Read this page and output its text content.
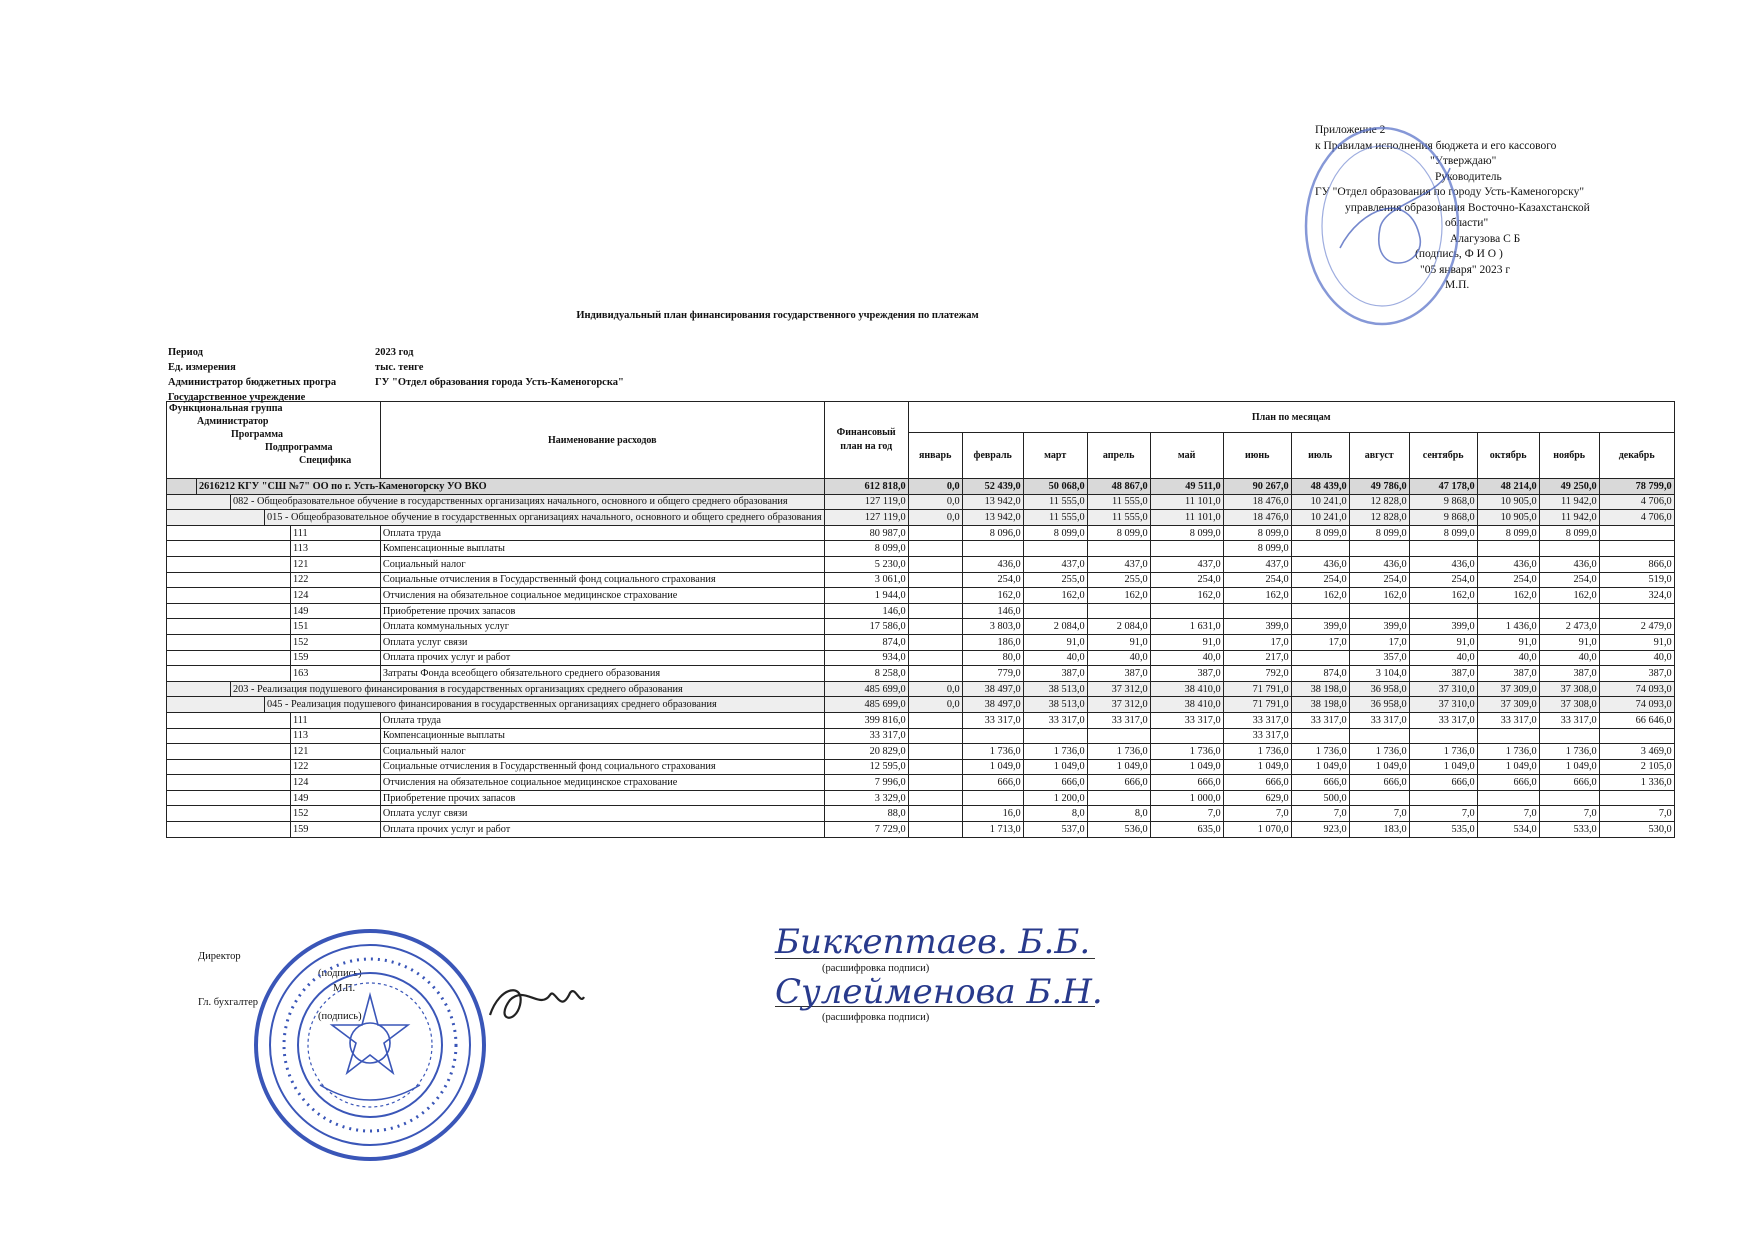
Приложение 2
к Правилам исполнения бюджета и его кассового
"Утверждаю"
Руководитель
ГУ "Отдел образования по городу Усть-Каменогорску"
управления образования Восточно-Казахстанской
области"
Алагузова С Б
(подпись, Ф И О )
"05 января" 2023 г
М.П.
Индивидуальный план финансирования государственного учреждения по платежам
Период	2023 год
Ед. измерения	тыс. тенге
Администратор бюджетных програ	ГУ "Отдел образования города Усть-Каменогорска"
Государственное учреждение
Функциональная группа
Администратор
Программа
Подпрограмма
Специфика					Наименование расходов	Финансовый план на год	План по месяцам											
							январь	февраль	март	апрель	май	июнь	июль	август	сентябрь	октябрь	ноябрь	декабрь
	2616212 КГУ "СШ №7" ОО по г. Усть-Каменогорску УО ВКО					612 818,0	0,0	52 439,0	50 068,0	48 867,0	49 511,0	90 267,0	48 439,0	49 786,0	47 178,0	48 214,0	49 250,0	78 799,0
		082 - Общеобразовательное обучение в государственных организациях начального, основного и общего среднего образования				127 119,0	0,0	13 942,0	11 555,0	11 555,0	11 101,0	18 476,0	10 241,0	12 828,0	9 868,0	10 905,0	11 942,0	4 706,0
			015 - Общеобразовательное обучение в государственных организациях начального, основного и общего среднего образования			127 119,0	0,0	13 942,0	11 555,0	11 555,0	11 101,0	18 476,0	10 241,0	12 828,0	9 868,0	10 905,0	11 942,0	4 706,0
				111	Оплата труда	80 987,0		8 096,0	8 099,0	8 099,0	8 099,0	8 099,0	8 099,0	8 099,0	8 099,0	8 099,0	8 099,0	
				113	Компенсационные выплаты	8 099,0						8 099,0						
				121	Социальный налог	5 230,0		436,0	437,0	437,0	437,0	437,0	436,0	436,0	436,0	436,0	436,0	866,0
				122	Социальные отчисления в Государственный фонд социального страхования	3 061,0		254,0	255,0	255,0	254,0	254,0	254,0	254,0	254,0	254,0	254,0	519,0
				124	Отчисления на обязательное социальное медицинское страхование	1 944,0		162,0	162,0	162,0	162,0	162,0	162,0	162,0	162,0	162,0	162,0	324,0
				149	Приобретение прочих запасов	146,0		146,0										
				151	Оплата коммунальных услуг	17 586,0		3 803,0	2 084,0	2 084,0	1 631,0	399,0	399,0	399,0	399,0	1 436,0	2 473,0	2 479,0
				152	Оплата услуг связи	874,0		186,0	91,0	91,0	91,0	17,0	17,0	17,0	91,0	91,0	91,0	91,0
				159	Оплата прочих услуг и работ	934,0		80,0	40,0	40,0	40,0	217,0		357,0	40,0	40,0	40,0	40,0
				163	Затраты Фонда всеобщего обязательного среднего образования	8 258,0		779,0	387,0	387,0	387,0	792,0	874,0	3 104,0	387,0	387,0	387,0	387,0
		203 - Реализация подушевого финансирования в государственных организациях среднего образования				485 699,0	0,0	38 497,0	38 513,0	37 312,0	38 410,0	71 791,0	38 198,0	36 958,0	37 310,0	37 309,0	37 308,0	74 093,0
			045 - Реализация подушевого финансирования в государственных организациях среднего образования			485 699,0	0,0	38 497,0	38 513,0	37 312,0	38 410,0	71 791,0	38 198,0	36 958,0	37 310,0	37 309,0	37 308,0	74 093,0
				111	Оплата труда	399 816,0		33 317,0	33 317,0	33 317,0	33 317,0	33 317,0	33 317,0	33 317,0	33 317,0	33 317,0	33 317,0	66 646,0
				113	Компенсационные выплаты	33 317,0						33 317,0						
				121	Социальный налог	20 829,0		1 736,0	1 736,0	1 736,0	1 736,0	1 736,0	1 736,0	1 736,0	1 736,0	1 736,0	1 736,0	3 469,0
				122	Социальные отчисления в Государственный фонд социального страхования	12 595,0		1 049,0	1 049,0	1 049,0	1 049,0	1 049,0	1 049,0	1 049,0	1 049,0	1 049,0	1 049,0	2 105,0
				124	Отчисления на обязательное социальное медицинское страхование	7 996,0		666,0	666,0	666,0	666,0	666,0	666,0	666,0	666,0	666,0	666,0	1 336,0
				149	Приобретение прочих запасов	3 329,0			1 200,0		1 000,0	629,0	500,0					
				152	Оплата услуг связи	88,0		16,0	8,0	8,0	7,0	7,0	7,0	7,0	7,0	7,0	7,0	7,0
				159	Оплата прочих услуг и работ	7 729,0		1 713,0	537,0	536,0	635,0	1 070,0	923,0	183,0	535,0	534,0	533,0	530,0
Директор
Гл. бухгалтер
(подпись)
М.П.
(подпись)
(расшифровка подписи)
(расшифровка подписи)
Биккептаев. Б.Б.
Сулейменова Б.Н.
